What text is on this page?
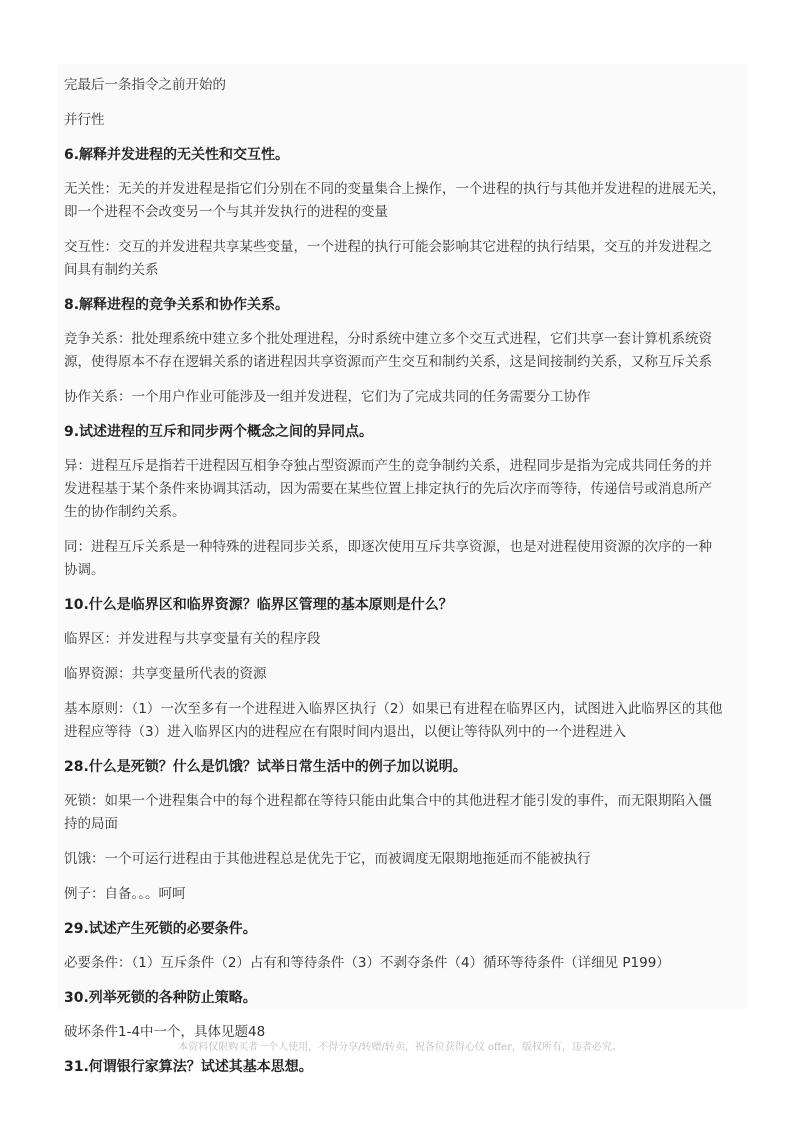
完最后一条指令之前开始的
并行性
6.解释并发进程的无关性和交互性。
无关性：无关的并发进程是指它们分别在不同的变量集合上操作，一个进程的执行与其他并发进程的进展无关，
即一个进程不会改变另一个与其并发执行的进程的变量
交互性：交互的并发进程共享某些变量，一个进程的执行可能会影响其它进程的执行结果，交互的并发进程之
间具有制约关系
8.解释进程的竞争关系和协作关系。
竞争关系：批处理系统中建立多个批处理进程，分时系统中建立多个交互式进程，它们共享一套计算机系统资
源，使得原本不存在逻辑关系的诸进程因共享资源而产生交互和制约关系，这是间接制约关系，又称互斥关系
协作关系：一个用户作业可能涉及一组并发进程，它们为了完成共同的任务需要分工协作
9.试述进程的互斥和同步两个概念之间的异同点。
异：进程互斥是指若干进程因互相争夺独占型资源而产生的竞争制约关系，进程同步是指为完成共同任务的并
发进程基于某个条件来协调其活动，因为需要在某些位置上排定执行的先后次序而等待，传递信号或消息所产
生的协作制约关系。
同：进程互斥关系是一种特殊的进程同步关系，即逐次使用互斥共享资源，也是对进程使用资源的次序的一种
协调。
10.什么是临界区和临界资源？临界区管理的基本原则是什么？
临界区：并发进程与共享变量有关的程序段
临界资源：共享变量所代表的资源
基本原则：（1）一次至多有一个进程进入临界区执行（2）如果已有进程在临界区内，试图进入此临界区的其他
进程应等待（3）进入临界区内的进程应在有限时间内退出，以便让等待队列中的一个进程进入
28.什么是死锁？什么是饥饿？试举日常生活中的例子加以说明。
死锁：如果一个进程集合中的每个进程都在等待只能由此集合中的其他进程才能引发的事件，而无限期陷入僵
持的局面
饥饿：一个可运行进程由于其他进程总是优先于它，而被调度无限期地拖延而不能被执行
例子：自备。。。呵呵
29.试述产生死锁的必要条件。
必要条件：（1）互斥条件（2）占有和等待条件（3）不剥夺条件（4）循环等待条件（详细见 P199）
30.列举死锁的各种防止策略。
破坏条件1-4中一个，具体见题48
31.何谓银行家算法？试述其基本思想。
本资料仅限购买者一个人使用，不得分享/转赠/转卖，祝各位获得心仪 offer，版权所有，违者必究。
